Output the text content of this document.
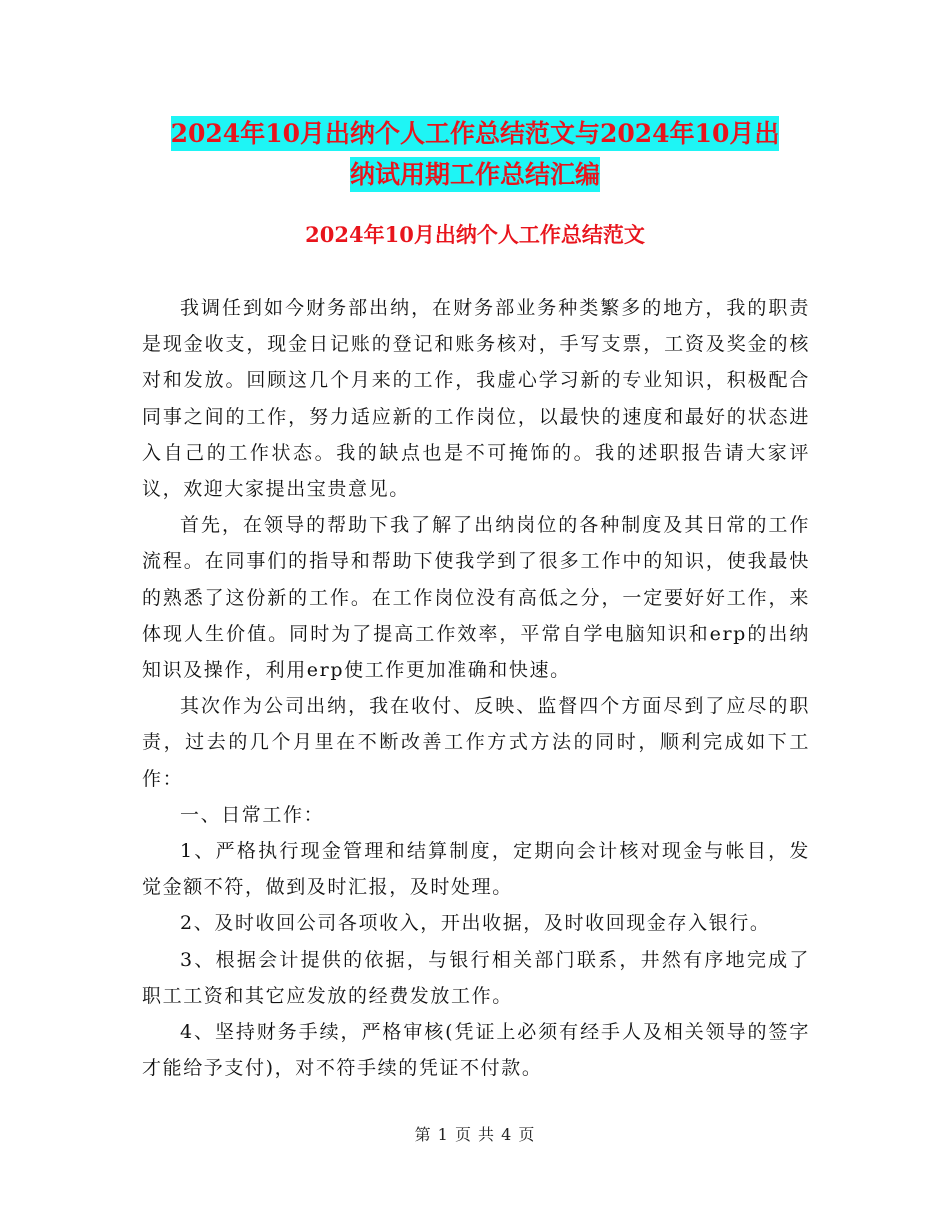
2024年10月出纳个人工作总结范文与2024年10月出
纳试用期工作总结汇编
2024年10月出纳个人工作总结范文

我调任到如今财务部出纳，在财务部业务种类繁多的地方，我的职责是现金收支，现金日记账的登记和账务核对，手写支票，工资及奖金的核对和发放。回顾这几个月来的工作，我虚心学习新的专业知识，积极配合同事之间的工作，努力适应新的工作岗位，以最快的速度和最好的状态进入自己的工作状态。我的缺点也是不可掩饰的。我的述职报告请大家评议，欢迎大家提出宝贵意见。

首先，在领导的帮助下我了解了出纳岗位的各种制度及其日常的工作流程。在同事们的指导和帮助下使我学到了很多工作中的知识，使我最快的熟悉了这份新的工作。在工作岗位没有高低之分，一定要好好工作，来体现人生价值。同时为了提高工作效率，平常自学电脑知识和erp的出纳知识及操作，利用erp使工作更加准确和快速。

其次作为公司出纳，我在收付、反映、监督四个方面尽到了应尽的职责，过去的几个月里在不断改善工作方式方法的同时，顺利完成如下工作：

一、日常工作：

1、严格执行现金管理和结算制度，定期向会计核对现金与帐目，发觉金额不符，做到及时汇报，及时处理。

2、及时收回公司各项收入，开出收据，及时收回现金存入银行。

3、根据会计提供的依据，与银行相关部门联系，井然有序地完成了职工工资和其它应发放的经费发放工作。

4、坚持财务手续，严格审核(凭证上必须有经手人及相关领导的签字才能给予支付)，对不符手续的凭证不付款。

第 1 页 共 4 页
